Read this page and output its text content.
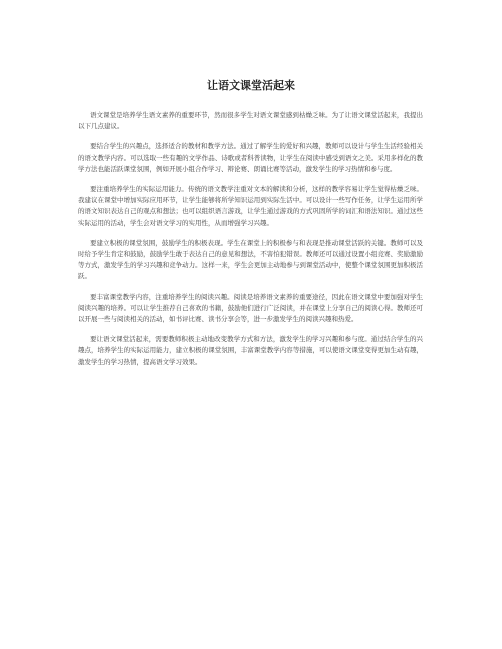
让语文课堂活起来

语文课堂是培养学生语文素养的重要环节，然而很多学生对语文课堂感到枯燥乏味。为了让语文课堂活起来，我提出以下几点建议。

要结合学生的兴趣点，选择适合的教材和教学方法。通过了解学生的爱好和兴趣，教师可以设计与学生生活经验相关的语文教学内容。可以选取一些有趣的文学作品、诗歌或者科普读物，让学生在阅读中感受到语文之美。采用多样化的教学方法也能活跃课堂氛围，例如开展小组合作学习、辩论赛、朗诵比赛等活动，激发学生的学习热情和参与度。

要注重培养学生的实际运用能力。传统的语文教学注重对文本的解读和分析，这样的教学容易让学生觉得枯燥乏味。我建议在课堂中增加实际应用环节，让学生能够将所学知识运用到实际生活中。可以设计一些写作任务，让学生运用所学的语文知识表达自己的观点和想法；也可以组织语言游戏，让学生通过游戏的方式巩固所学的词汇和语法知识。通过这些实际运用的活动，学生会对语文学习的实用性，从而增强学习兴趣。

要建立积极的课堂氛围，鼓励学生的积极表现。学生在课堂上的积极参与和表现是推动课堂活跃的关键。教师可以及时给予学生肯定和鼓励，鼓励学生敢于表达自己的意见和想法，不害怕犯错误。教师还可以通过设置小组竞赛、奖励激励等方式，激发学生的学习兴趣和竞争动力。这样一来，学生会更加主动地参与到课堂活动中，使整个课堂氛围更加积极活跃。

要丰富课堂教学内容，注重培养学生的阅读兴趣。阅读是培养语文素养的重要途径，因此在语文课堂中要加强对学生阅读兴趣的培养。可以让学生推荐自己喜欢的书籍，鼓励他们进行广泛阅读，并在课堂上分享自己的阅读心得。教师还可以开展一些与阅读相关的活动，如书评比赛、读书分享会等，进一步激发学生的阅读兴趣和热爱。

要让语文课堂活起来，需要教师积极主动地改变教学方式和方法，激发学生的学习兴趣和参与度。通过结合学生的兴趣点，培养学生的实际运用能力，建立积极的课堂氛围，丰富课堂教学内容等措施，可以使语文课堂变得更加生动有趣，激发学生的学习热情，提高语文学习效果。
